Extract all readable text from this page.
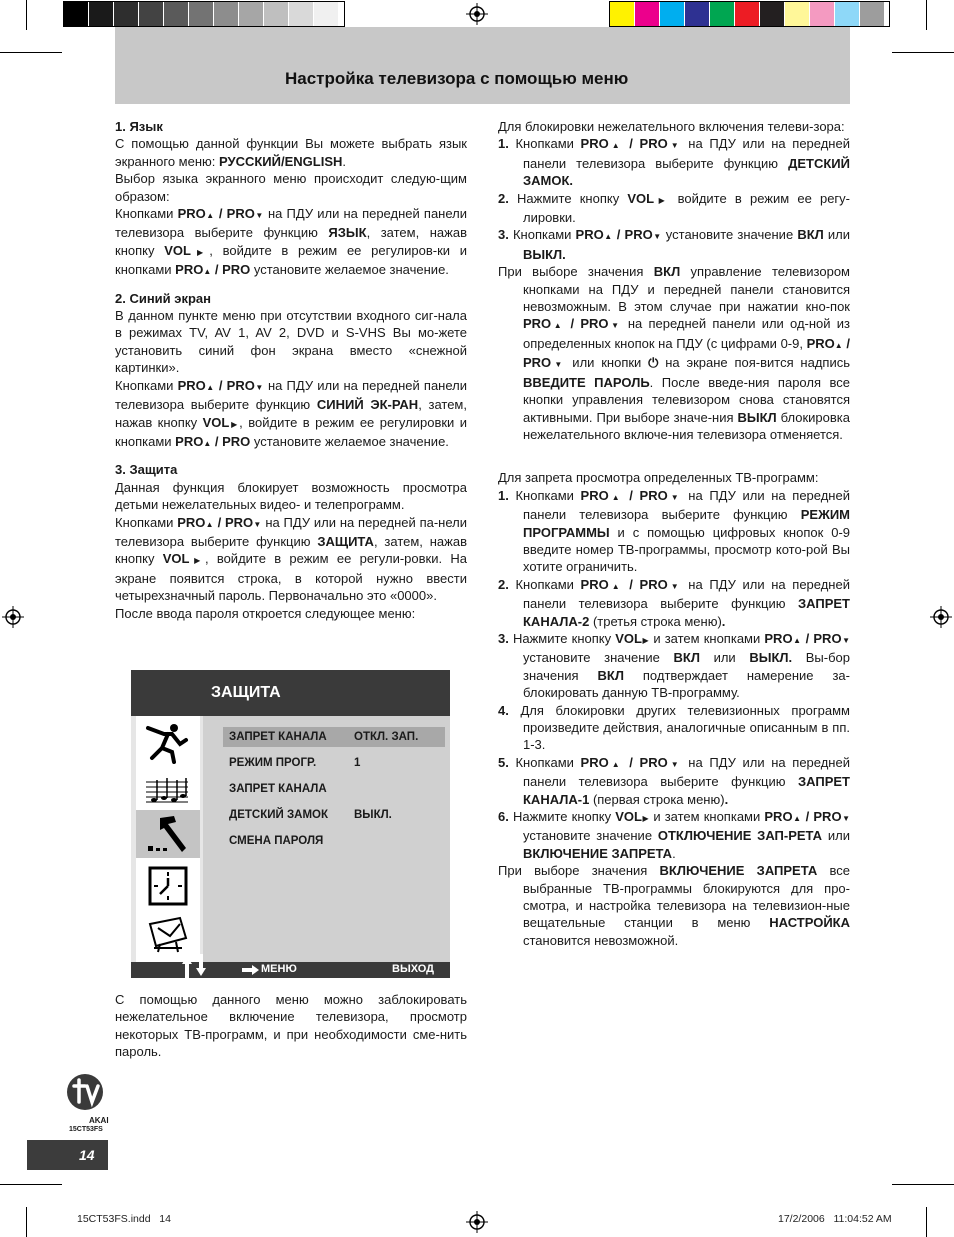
Настройка телевизора с помощью меню

1. Язык

С помощью данной функции Вы можете выбрать язык экранного меню: РУССКИЙ/ENGLISH.

Выбор языка экранного меню происходит следую-щим образом:

Кнопками PRO▲ / PRO▼ на ПДУ или на передней панели телевизора выберите функцию ЯЗЫК, затем, нажав кнопку VOL▶, войдите в режим ее регулиров-ки и кнопками PRO▲ / PRO установите желаемое значение.

2. Синий экран

В данном пункте меню при отсутствии входного сиг-нала в режимах TV, AV 1, AV 2, DVD и S-VHS Вы мо-жете установить синий фон экрана вместо «снежной картинки».

Кнопками PRO▲ / PRO▼ на ПДУ или на передней панели телевизора выберите функцию СИНИЙ ЭК-РАН, затем, нажав кнопку VOL▶, войдите в режим ее регулировки и кнопками PRO▲ / PRO установите желаемое значение.

3. Защита

Данная функция блокирует возможность просмотра детьми нежелательных видео- и телепрограмм.

Кнопками PRO▲ / PRO▼ на ПДУ или на передней па-нели телевизора выберите функцию ЗАЩИТА, затем, нажав кнопку VOL▶, войдите в режим ее регули-ровки. На экране появится строка, в которой нужно ввести четырехзначный пароль. Первоначально это «0000».

После ввода пароля откроется следующее меню:

ЗАЩИТА
ЗАПРЕТ КАНАЛА ОТКЛ. ЗАП.
РЕЖИМ ПРОГР.	1
ЗАПРЕТ КАНАЛА
ДЕТСКИЙ ЗАМОК ВЫКЛ.
СМЕНА ПАРОЛЯ
МЕНЮ	ВЫХОД

С помощью данного меню можно заблокировать нежелательное включение телевизора, просмотр некоторых ТВ-программ, и при необходимости сме-нить пароль.

Для блокировки нежелательного включения телеви-зора:

1. Кнопками PRO▲ / PRO▼ на ПДУ или на передней панели телевизора выберите функцию ДЕТСКИЙ ЗАМОК.

2. Нажмите кнопку VOL▶ войдите в режим ее регу-лировки.

3. Кнопками PRO▲ / PRO▼ установите значение ВКЛ или ВЫКЛ.

При выборе значения ВКЛ управление телевизором кнопками на ПДУ и передней панели становится невозможным. В этом случае при нажатии кно-пок PRO▲ / PRO▼ на передней панели или од-ной из определенных кнопок на ПДУ (с цифрами 0-9, PRO▲ / PRO▼ или кнопки ⏻ на экране поя-вится надпись ВВЕДИТЕ ПАРОЛЬ. После введе-ния пароля все кнопки управления телевизором снова становятся активными. При выборе значе-ния ВЫКЛ блокировка нежелательного включе-ния телевизора отменяется.

Для запрета просмотра определенных ТВ-программ:

1. Кнопками PRO▲ / PRO▼ на ПДУ или на передней панели телевизора выберите функцию РЕЖИМ ПРОГРАММЫ и с помощью цифровых кнопок 0-9 введите номер ТВ-программы, просмотр кото-рой Вы хотите ограничить.

2. Кнопками PRO▲ / PRO▼ на ПДУ или на передней панели телевизора выберите функцию ЗАПРЕТ КАНАЛА-2 (третья строка меню).

3. Нажмите кнопку VOL▶ и затем кнопками PRO▲ / PRO▼ установите значение ВКЛ или ВЫКЛ. Вы-бор значения ВКЛ подтверждает намерение за-блокировать данную ТВ-программу.

4. Для блокировки других телевизионных программ произведите действия, аналогичные описанным в пп. 1-3.

5. Кнопками PRO▲ / PRO▼ на ПДУ или на передней панели телевизора выберите функцию ЗАПРЕТ КАНАЛА-1 (первая строка меню).

6. Нажмите кнопку VOL▶ и затем кнопками PRO▲ / PRO▼ установите значение ОТКЛЮЧЕНИЕ ЗАП-РЕТА или ВКЛЮЧЕНИЕ ЗАПРЕТА.

При выборе значения ВКЛЮЧЕНИЕ ЗАПРЕТА все выбранные ТВ-программы блокируются для про-смотра, и настройка телевизора на телевизион-ные вещательные станции в меню НАСТРОЙКА становится невозможной.

AKAI
15CT53FS
14
15CT53FS.indd   14	17/2/2006   11:04:52 AM
